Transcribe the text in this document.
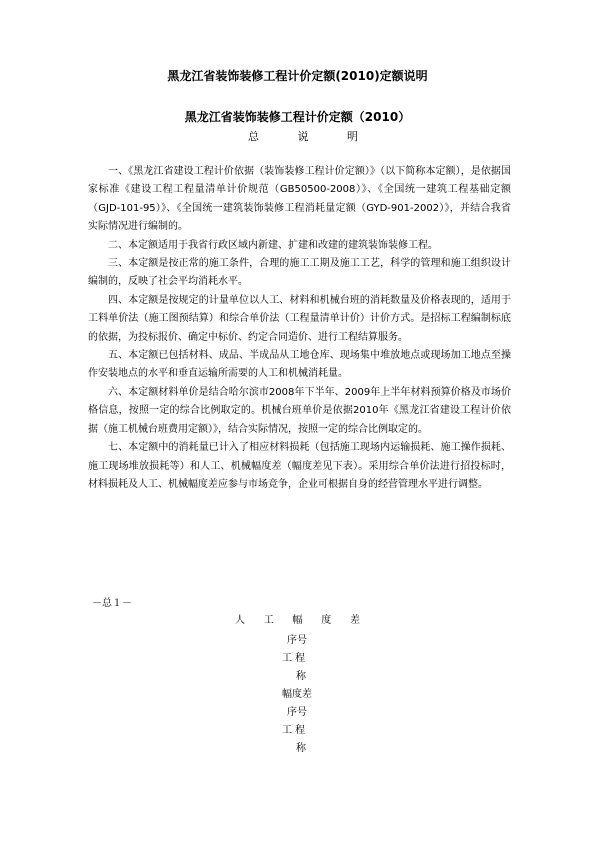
黑龙江省装饰装修工程计价定额(2010)定额说明
黑龙江省装饰装修工程计价定额（2010）
总	说	明

一、《黑龙江省建设工程计价依据（装饰装修工程计价定额）》（以下简称本定额），是依据国家标准《建设工程工程量清单计价规范（GB50500-2008）》、《全国统一建筑工程基础定额（GJD-101-95）》、《全国统一建筑装饰装修工程消耗量定额（GYD-901-2002）》，并结合我省实际情况进行编制的。

二、本定额适用于我省行政区域内新建、扩建和改建的建筑装饰装修工程。

三、本定额是按正常的施工条件，合理的施工工期及施工工艺，科学的管理和施工组织设计编制的，反映了社会平均消耗水平。

四、本定额是按规定的计量单位以人工、材料和机械台班的消耗数量及价格表现的，适用于工料单价法（施工图预结算）和综合单价法（工程量清单计价）计价方式。是招标工程编制标底的依据，为投标报价、确定中标价、约定合同造价、进行工程结算服务。

五、本定额已包括材料、成品、半成品从工地仓库、现场集中堆放地点或现场加工地点至操作安装地点的水平和垂直运输所需要的人工和机械消耗量。

六、本定额材料单价是结合哈尔滨市2008年下半年、2009年上半年材料预算价格及市场价格信息，按照一定的综合比例取定的。机械台班单价是依据2010年《黑龙江省建设工程计价依据（施工机械台班费用定额）》，结合实际情况，按照一定的综合比例取定的。

七、本定额中的消耗量已计入了相应材料损耗（包括施工现场内运输损耗、施工操作损耗、施工现场堆放损耗等）和人工、机械幅度差（幅度差见下表）。采用综合单价法进行招投标时，材料损耗及人工、机械幅度差应参与市场竞争，企业可根据自身的经营管理水平进行调整。

－总１－
人 工 幅 度 差
序号
工 程
称
幅度差
序号
工 程
称
